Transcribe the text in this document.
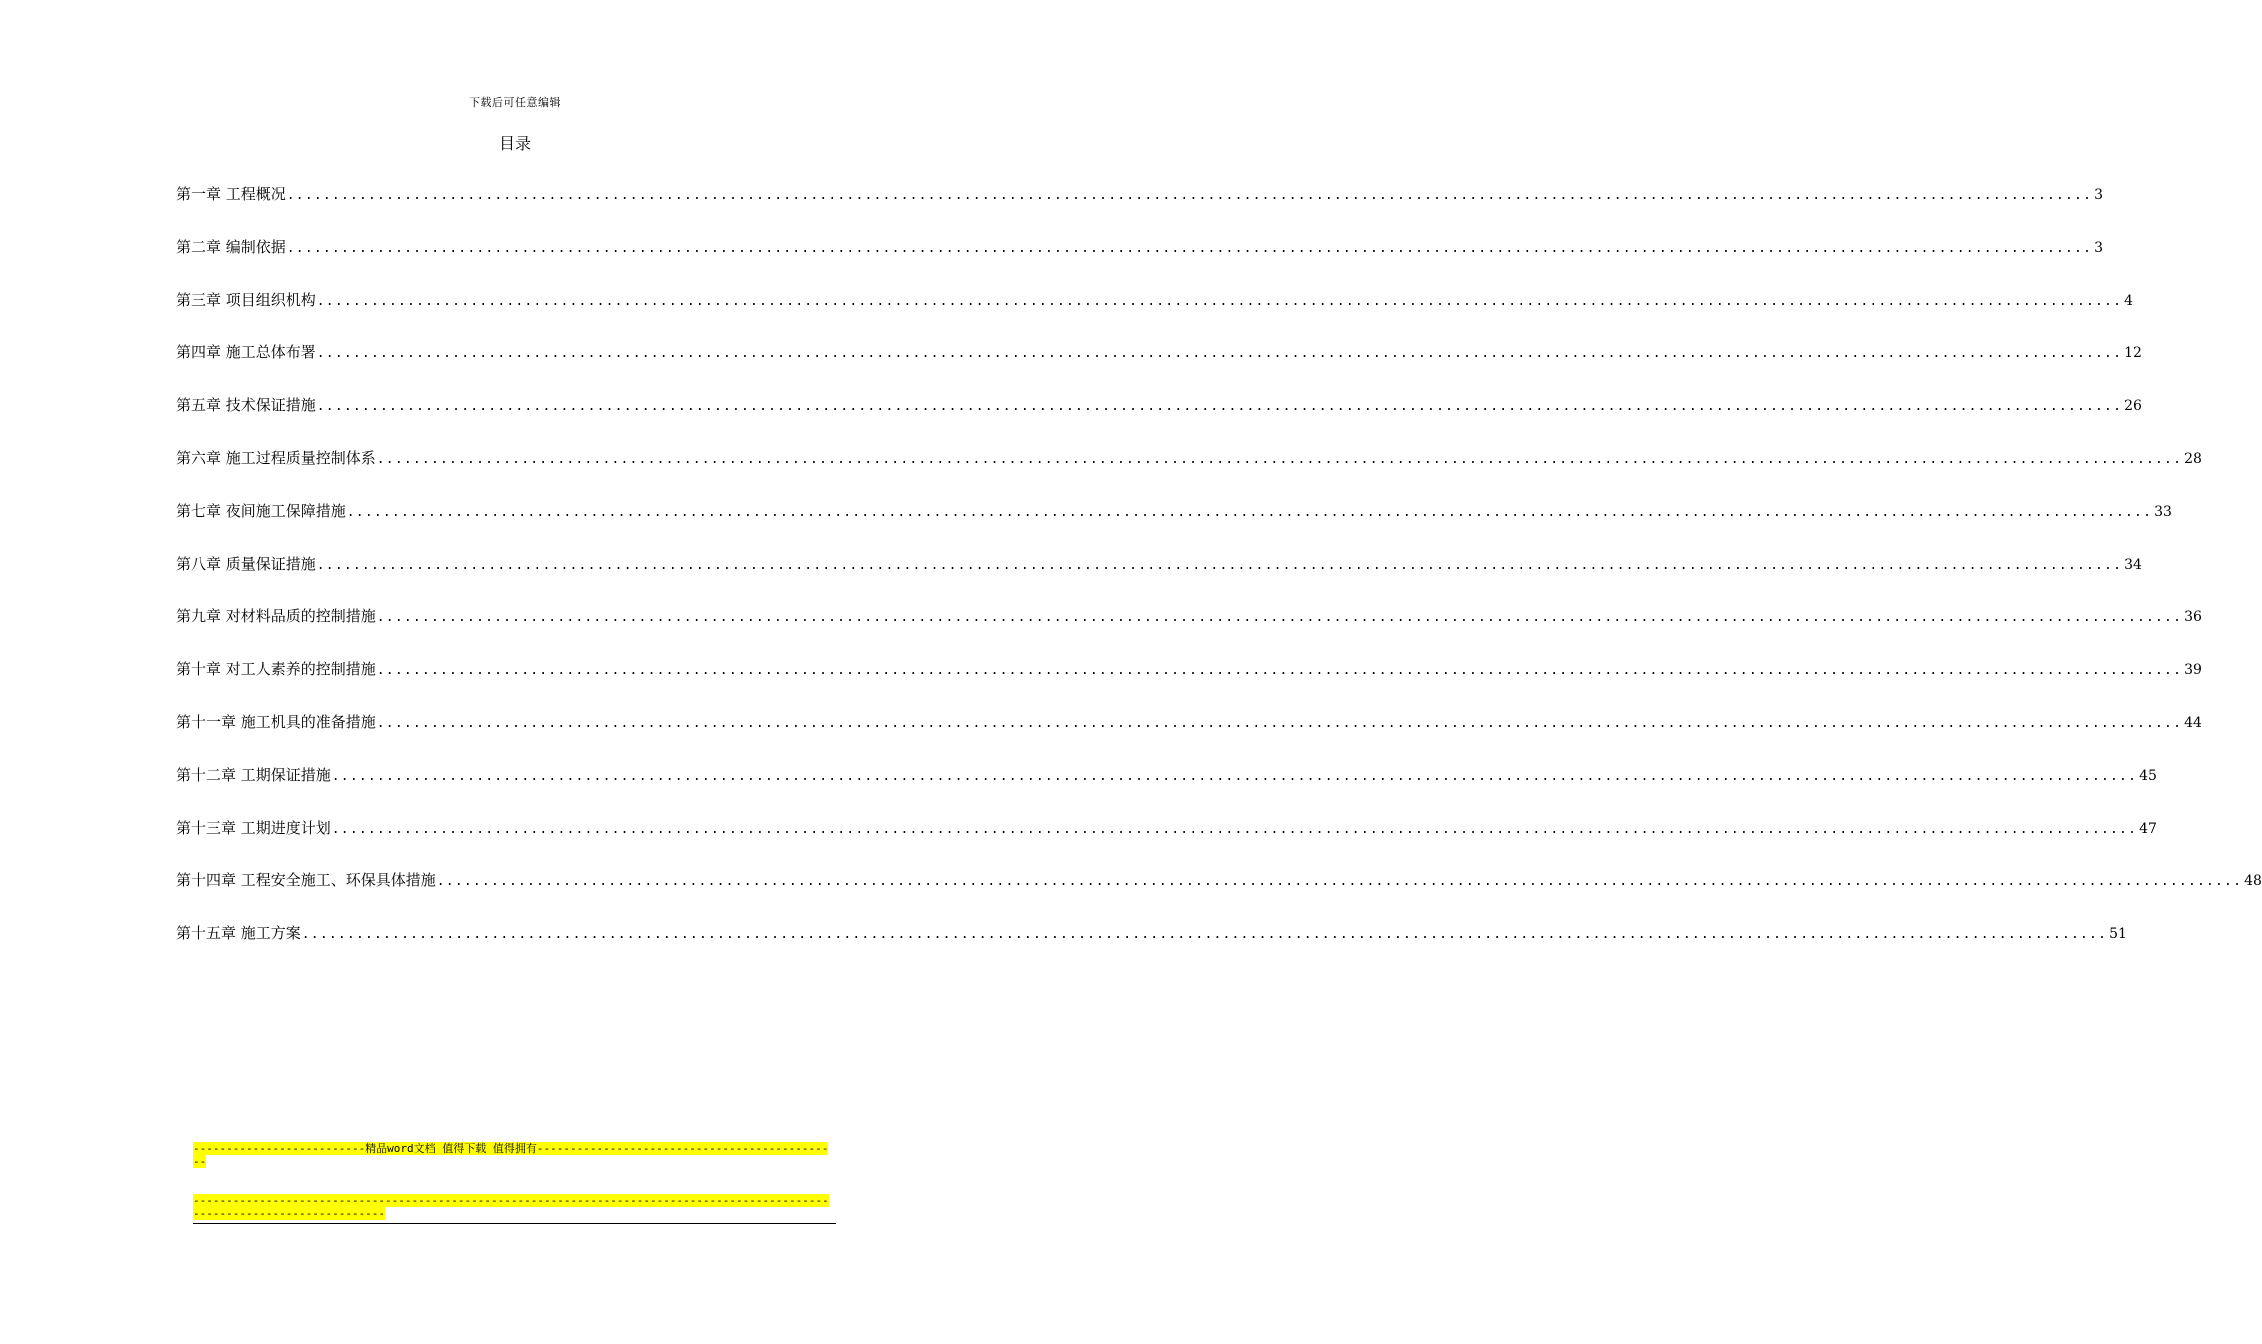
下载后可任意编辑
目录
第一章 工程概况 ........................................................................................................................................................................................................ 3
第二章 编制依据 ........................................................................................................................................................................................................ 3
第三章 项目组织机构 ........................................................................................................................................................................................................ 4
第四章 施工总体布署 ........................................................................................................................................................................................................ 12
第五章 技术保证措施 ........................................................................................................................................................................................................ 26
第六章 施工过程质量控制体系 ........................................................................................................................................................................................................ 28
第七章 夜间施工保障措施 ........................................................................................................................................................................................................ 33
第八章 质量保证措施 ........................................................................................................................................................................................................ 34
第九章 对材料品质的控制措施 ........................................................................................................................................................................................................ 36
第十章 对工人素养的控制措施 ........................................................................................................................................................................................................ 39
第十一章 施工机具的准备措施 ........................................................................................................................................................................................................ 44
第十二章 工期保证措施 ........................................................................................................................................................................................................ 45
第十三章 工期进度计划 ........................................................................................................................................................................................................ 47
第十四章 工程安全施工、环保具体措施 ........................................................................................................................................................................................................ 48
第十五章 施工方案 ........................................................................................................................................................................................................ 51
--------------------------精品word文档 值得下载 值得拥有----------------------------------------------
-----------------------------------------------------------------------------------------------------------------------------
